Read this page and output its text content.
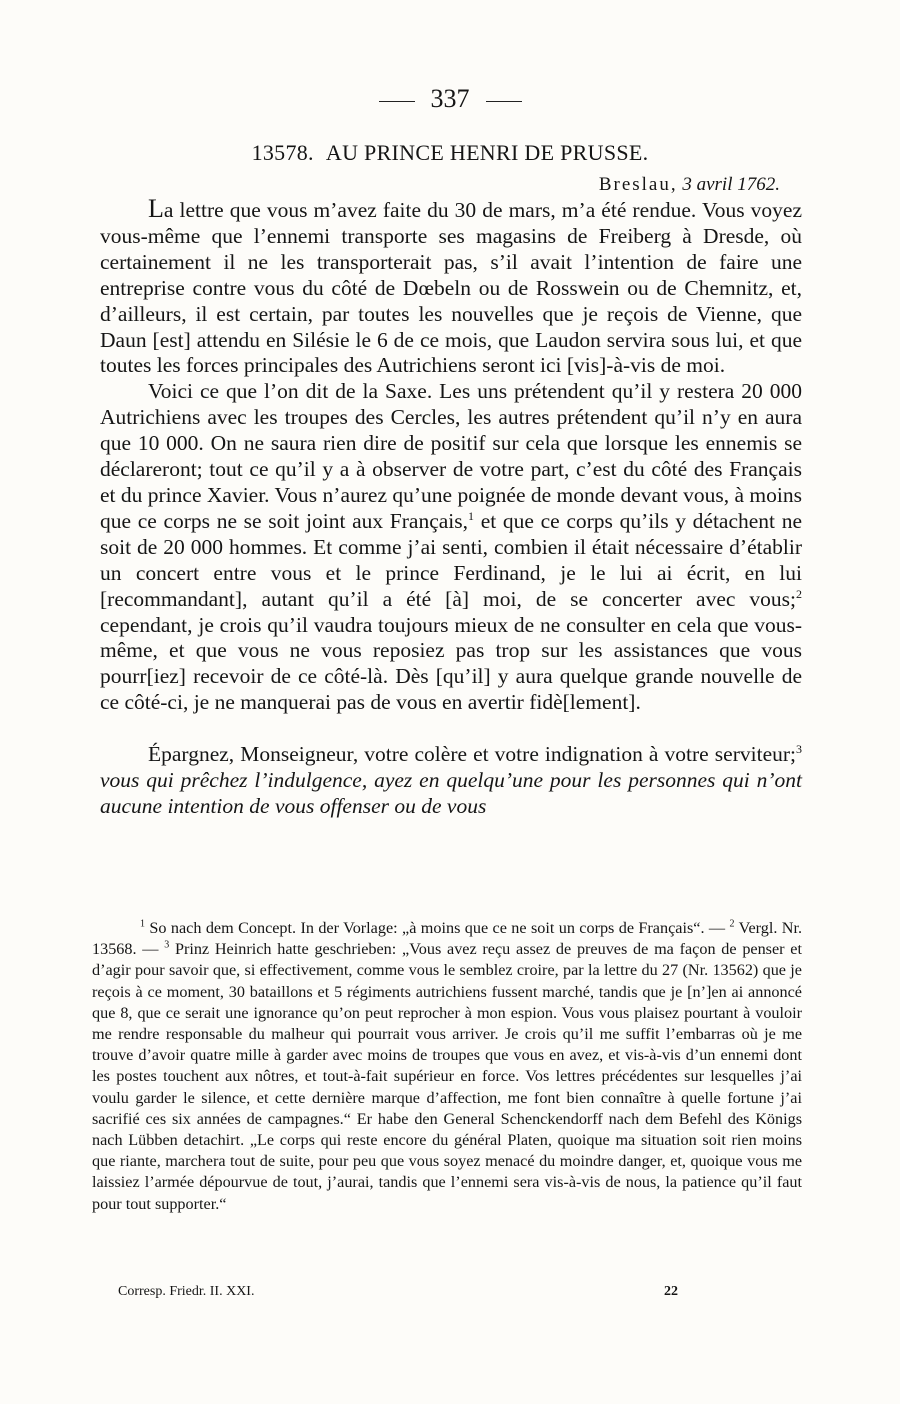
337
13578. AU PRINCE HENRI DE PRUSSE.
Breslau, 3 avril 1762.

La lettre que vous m’avez faite du 30 de mars, m’a été rendue. Vous voyez vous-même que l’ennemi transporte ses magasins de Freiberg à Dresde, où certainement il ne les transporterait pas, s’il avait l’intention de faire une entreprise contre vous du côté de Dœbeln ou de Rosswein ou de Chemnitz, et, d’ailleurs, il est certain, par toutes les nouvelles que je reçois de Vienne, que Daun [est] attendu en Silésie le 6 de ce mois, que Laudon servira sous lui, et que toutes les forces principales des Autrichiens seront ici [vis]-à-vis de moi.

Voici ce que l’on dit de la Saxe. Les uns prétendent qu’il y restera 20 000 Autrichiens avec les troupes des Cercles, les autres prétendent qu’il n’y en aura que 10 000. On ne saura rien dire de positif sur cela que lorsque les ennemis se déclareront; tout ce qu’il y a à observer de votre part, c’est du côté des Français et du prince Xavier. Vous n’aurez qu’une poignée de monde devant vous, à moins que ce corps ne se soit joint aux Français,$^1$ et que ce corps qu’ils y détachent ne soit de 20 000 hommes. Et comme j’ai senti, combien il était nécessaire d’établir un concert entre vous et le prince Ferdinand, je le lui ai écrit, en lui [recommandant], autant qu’il a été [à] moi, de se concerter avec vous;$^2$ cependant, je crois qu’il vaudra toujours mieux de ne consulter en cela que vous-même, et que vous ne vous reposiez pas trop sur les assistances que vous pourr[iez] recevoir de ce côté-là. Dès [qu’il] y aura quelque grande nouvelle de ce côté-ci, je ne manquerai pas de vous en avertir fidè[lement].

Épargnez, Monseigneur, votre colère et votre indignation à votre serviteur;$^3$ vous qui prêchez l’indulgence, ayez en quelqu’une pour les personnes qui n’ont aucune intention de vous offenser ou de vous

$^1$ So nach dem Concept. In der Vorlage: „à moins que ce ne soit un corps de Français“. — $^2$ Vergl. Nr. 13568. — $^3$ Prinz Heinrich hatte geschrieben: „Vous avez reçu assez de preuves de ma façon de penser et d’agir pour savoir que, si effectivement, comme vous le semblez croire, par la lettre du 27 (Nr. 13562) que je reçois à ce moment, 30 bataillons et 5 régiments autrichiens fussent marché, tandis que je [n’]en ai annoncé que 8, que ce serait une ignorance qu’on peut reprocher à mon espion. Vous vous plaisez pourtant à vouloir me rendre responsable du malheur qui pourrait vous arriver. Je crois qu’il me suffit l’embarras où je me trouve d’avoir quatre mille à garder avec moins de troupes que vous en avez, et vis-à-vis d’un ennemi dont les postes touchent aux nôtres, et tout-à-fait supérieur en force. Vos lettres précédentes sur lesquelles j’ai voulu garder le silence, et cette dernière marque d’affection, me font bien connaître à quelle fortune j’ai sacrifié ces six années de campagnes.“ Er habe den General Schenckendorff nach dem Befehl des Königs nach Lübben detachirt. „Le corps qui reste encore du général Platen, quoique ma situation soit rien moins que riante, marchera tout de suite, pour peu que vous soyez menacé du moindre danger, et, quoique vous me laissiez l’armée dépourvue de tout, j’aurai, tandis que l’ennemi sera vis-à-vis de nous, la patience qu’il faut pour tout supporter.“

Corresp. Friedr. II. XXI.	22
